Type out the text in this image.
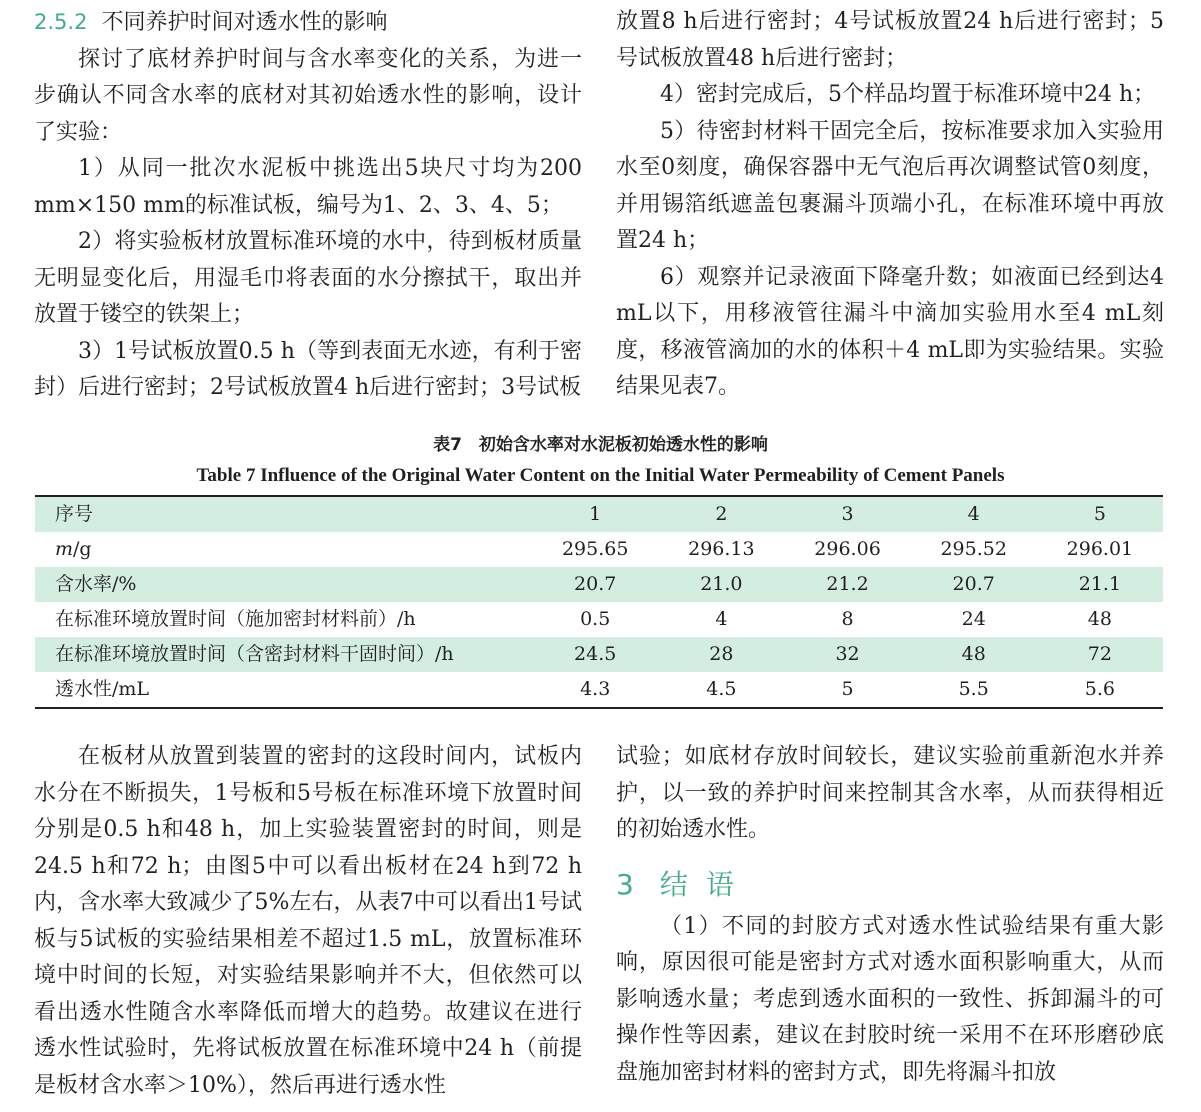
2.5.2 不同养护时间对透水性的影响

探讨了底材养护时间与含水率变化的关系，为进一步确认不同含水率的底材对其初始透水性的影响，设计了实验：

1）从同一批次水泥板中挑选出5块尺寸均为200 mm×150 mm的标准试板，编号为1、2、3、4、5；

2）将实验板材放置标准环境的水中，待到板材质量无明显变化后，用湿毛巾将表面的水分擦拭干，取出并放置于镂空的铁架上；

3）1号试板放置0.5 h（等到表面无水迹，有利于密封）后进行密封；2号试板放置4 h后进行密封；3号试板

放置8 h后进行密封；4号试板放置24 h后进行密封；5号试板放置48 h后进行密封；

4）密封完成后，5个样品均置于标准环境中24 h；

5）待密封材料干固完全后，按标准要求加入实验用水至0刻度，确保容器中无气泡后再次调整试管0刻度，并用锡箔纸遮盖包裹漏斗顶端小孔，在标准环境中再放置24 h；

6）观察并记录液面下降毫升数；如液面已经到达4 mL以下，用移液管往漏斗中滴加实验用水至4 mL刻度，移液管滴加的水的体积＋4 mL即为实验结果。实验结果见表7。

表7　初始含水率对水泥板初始透水性的影响
Table 7 Influence of the Original Water Content on the Initial Water Permeability of Cement Panels
序号	1	2	3	4	5
m/g	295.65	296.13	296.06	295.52	296.01
含水率/%	20.7	21.0	21.2	20.7	21.1
在标准环境放置时间（施加密封材料前）/h	0.5	4	8	24	48
在标准环境放置时间（含密封材料干固时间）/h	24.5	28	32	48	72
透水性/mL	4.3	4.5	5	5.5	5.6

在板材从放置到装置的密封的这段时间内，试板内水分在不断损失，1号板和5号板在标准环境下放置时间分别是0.5 h和48 h，加上实验装置密封的时间，则是24.5 h和72 h；由图5中可以看出板材在24 h到72 h内，含水率大致减少了5%左右，从表7中可以看出1号试板与5试板的实验结果相差不超过1.5 mL，放置标准环境中时间的长短，对实验结果影响并不大，但依然可以看出透水性随含水率降低而增大的趋势。故建议在进行透水性试验时，先将试板放置在标准环境中24 h（前提是板材含水率＞10%），然后再进行透水性

试验；如底材存放时间较长，建议实验前重新泡水并养护，以一致的养护时间来控制其含水率，从而获得相近的初始透水性。

3 结语

（1）不同的封胶方式对透水性试验结果有重大影响，原因很可能是密封方式对透水面积影响重大，从而影响透水量；考虑到透水面积的一致性、拆卸漏斗的可操作性等因素，建议在封胶时统一采用不在环形磨砂底盘施加密封材料的密封方式，即先将漏斗扣放
